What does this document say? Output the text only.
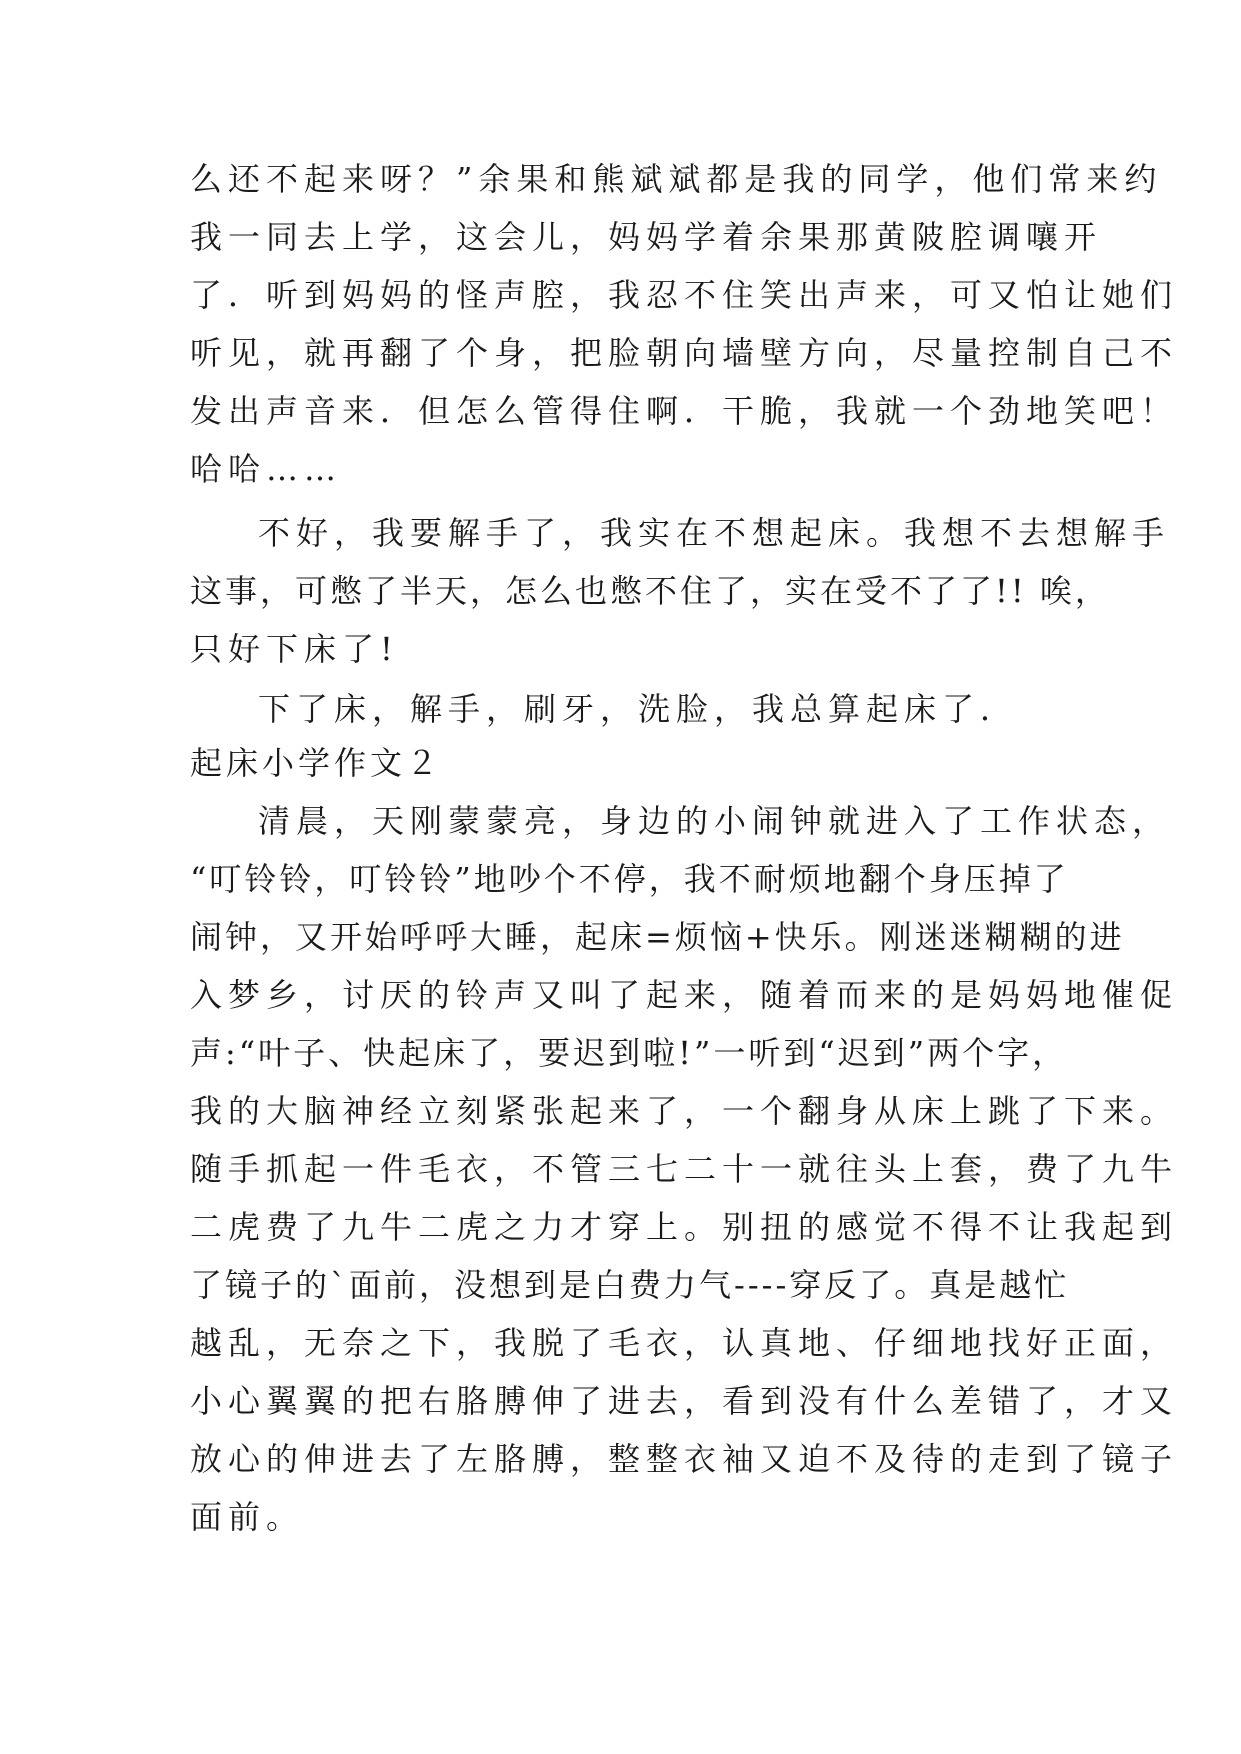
么还不起来呀？”余果和熊斌斌都是我的同学，他们常来约
我一同去上学，这会儿，妈妈学着余果那黄陂腔调嚷开
了．听到妈妈的怪声腔，我忍不住笑出声来，可又怕让她们
听见，就再翻了个身，把脸朝向墙壁方向，尽量控制自己不
发出声音来．但怎么管得住啊．干脆，我就一个劲地笑吧！
哈哈……
不好，我要解手了，我实在不想起床。我想不去想解手
这事，可憋了半天，怎么也憋不住了，实在受不了了!! 唉，
只好下床了!
下了床，解手，刷牙，洗脸，我总算起床了．
起床小学作文２
清晨，天刚蒙蒙亮，身边的小闹钟就进入了工作状态，
“叮铃铃，叮铃铃”地吵个不停，我不耐烦地翻个身压掉了
闹钟，又开始呼呼大睡，起床=烦恼+快乐。刚迷迷糊糊的进
入梦乡，讨厌的铃声又叫了起来，随着而来的是妈妈地催促
声:“叶子、快起床了，要迟到啦!”一听到“迟到”两个字，
我的大脑神经立刻紧张起来了，一个翻身从床上跳了下来。
随手抓起一件毛衣，不管三七二十一就往头上套，费了九牛
二虎费了九牛二虎之力才穿上。别扭的感觉不得不让我起到
了镜子的`面前，没想到是白费力气----穿反了。真是越忙
越乱，无奈之下，我脱了毛衣，认真地、仔细地找好正面，
小心翼翼的把右胳膊伸了进去，看到没有什么差错了，才又
放心的伸进去了左胳膊，整整衣袖又迫不及待的走到了镜子
面前。
